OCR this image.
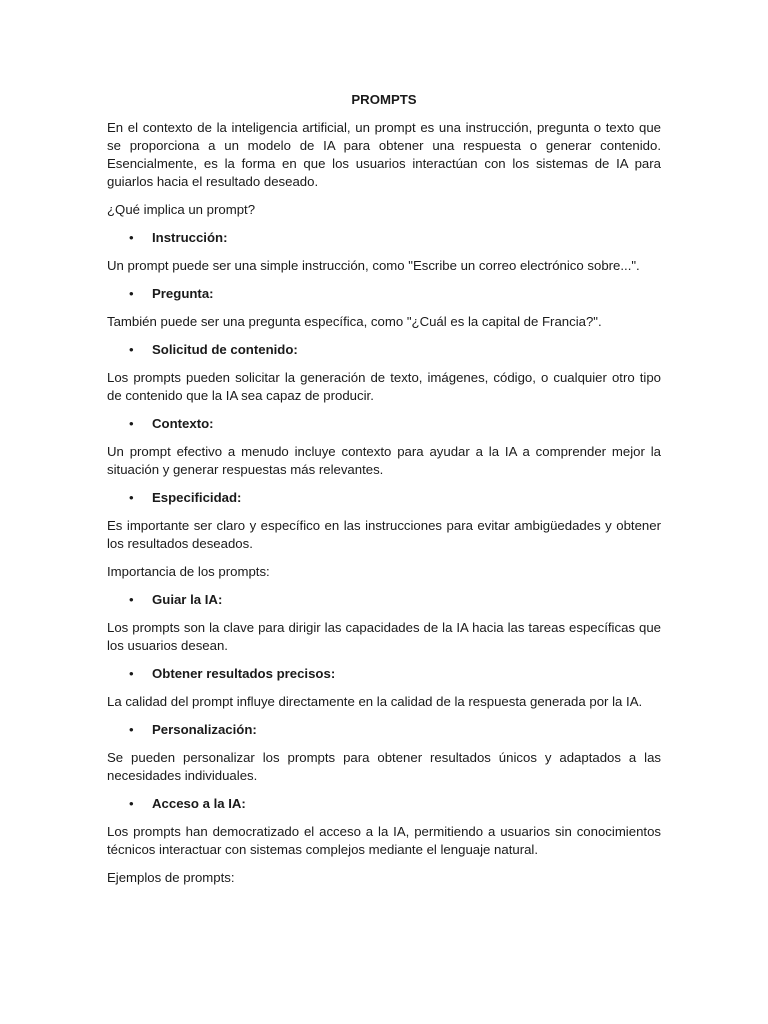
PROMPTS
En el contexto de la inteligencia artificial, un prompt es una instrucción, pregunta o texto que se proporciona a un modelo de IA para obtener una respuesta o generar contenido. Esencialmente, es la forma en que los usuarios interactúan con los sistemas de IA para guiarlos hacia el resultado deseado.
¿Qué implica un prompt?
• Instrucción:
Un prompt puede ser una simple instrucción, como "Escribe un correo electrónico sobre...".
• Pregunta:
También puede ser una pregunta específica, como "¿Cuál es la capital de Francia?".
• Solicitud de contenido:
Los prompts pueden solicitar la generación de texto, imágenes, código, o cualquier otro tipo de contenido que la IA sea capaz de producir.
• Contexto:
Un prompt efectivo a menudo incluye contexto para ayudar a la IA a comprender mejor la situación y generar respuestas más relevantes.
• Especificidad:
Es importante ser claro y específico en las instrucciones para evitar ambigüedades y obtener los resultados deseados.
Importancia de los prompts:
• Guiar la IA:
Los prompts son la clave para dirigir las capacidades de la IA hacia las tareas específicas que los usuarios desean.
• Obtener resultados precisos:
La calidad del prompt influye directamente en la calidad de la respuesta generada por la IA.
• Personalización:
Se pueden personalizar los prompts para obtener resultados únicos y adaptados a las necesidades individuales.
• Acceso a la IA:
Los prompts han democratizado el acceso a la IA, permitiendo a usuarios sin conocimientos técnicos interactuar con sistemas complejos mediante el lenguaje natural.
Ejemplos de prompts:
